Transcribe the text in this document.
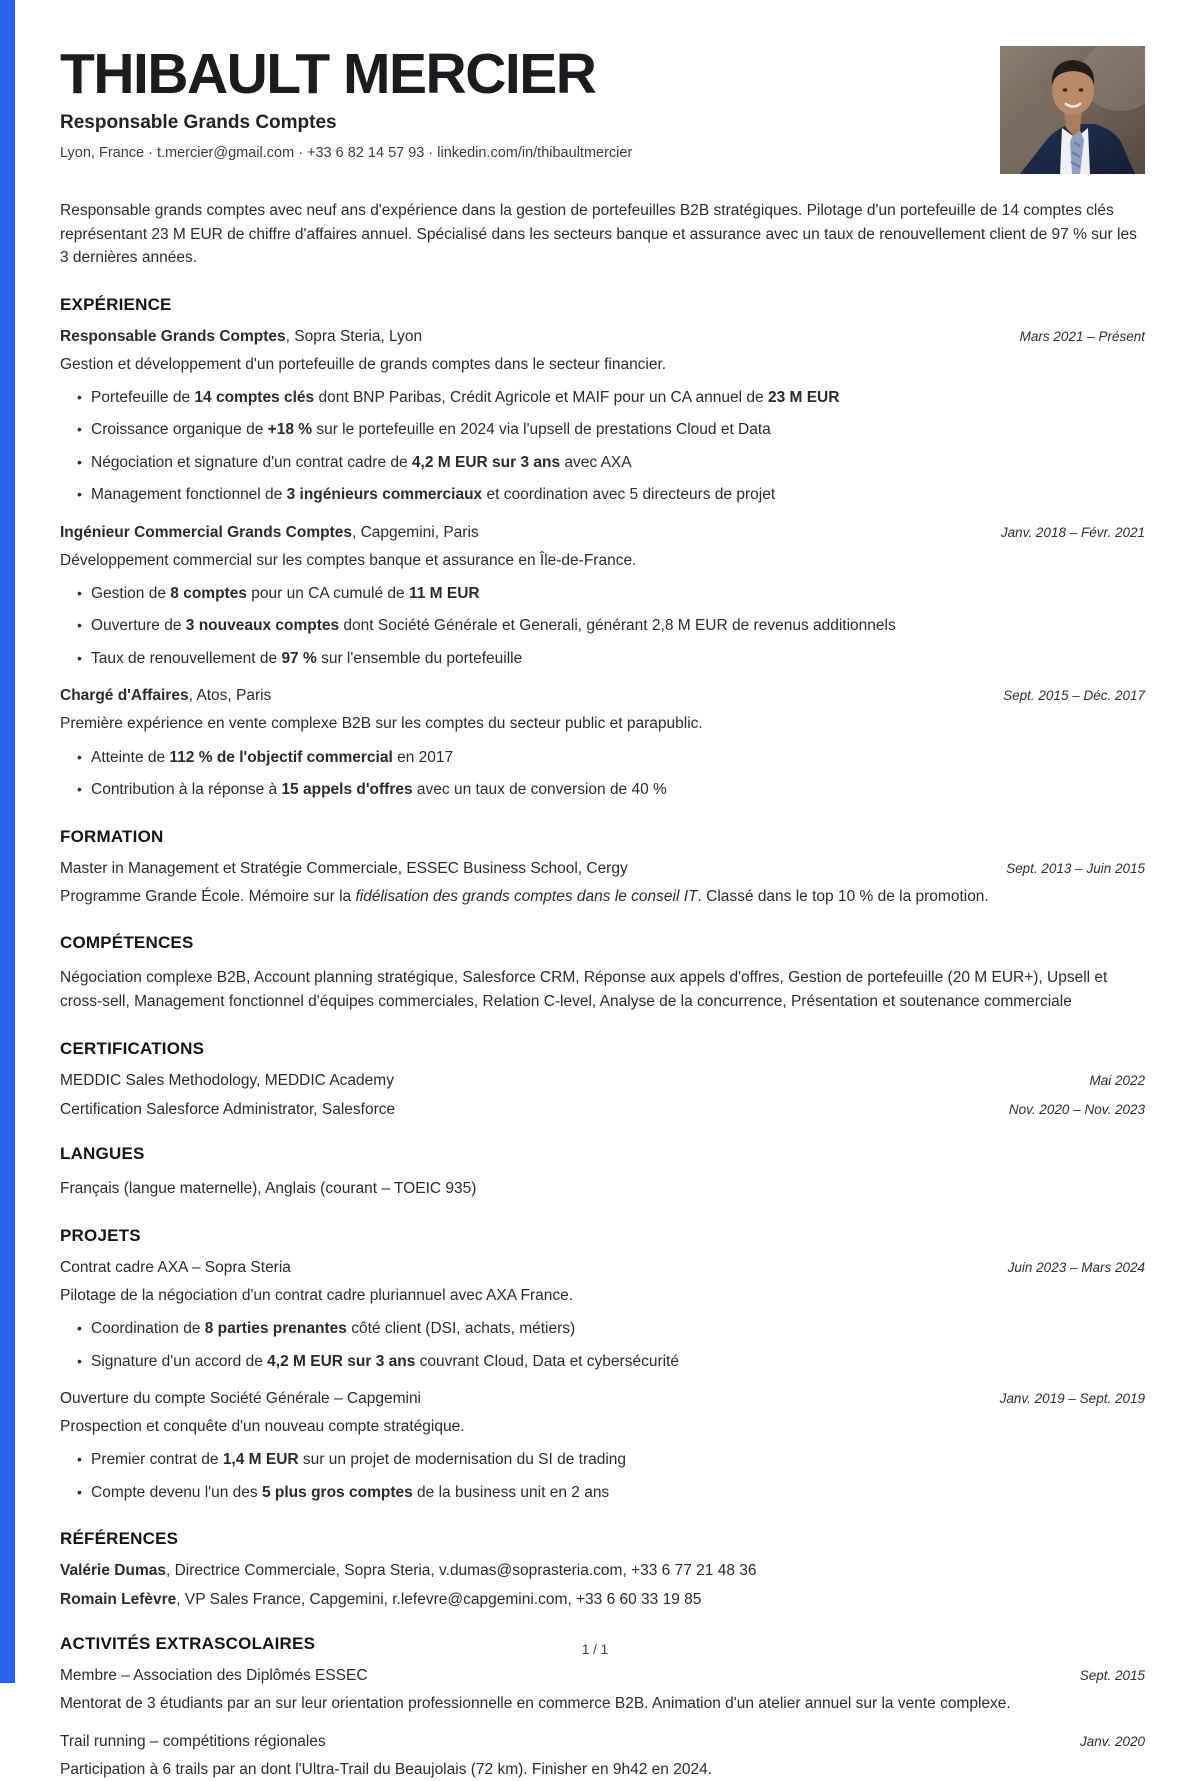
THIBAULT MERCIER
Responsable Grands Comptes
Lyon, France · t.mercier@gmail.com · +33 6 82 14 57 93 · linkedin.com/in/thibaultmercier

Responsable grands comptes avec neuf ans d'expérience dans la gestion de portefeuilles B2B stratégiques. Pilotage d'un portefeuille de 14 comptes clés représentant 23 M EUR de chiffre d'affaires annuel. Spécialisé dans les secteurs banque et assurance avec un taux de renouvellement client de 97 % sur les 3 dernières années.

EXPÉRIENCE
Responsable Grands Comptes, Sopra Steria, Lyon	Mars 2021 – Présent
Gestion et développement d'un portefeuille de grands comptes dans le secteur financier.
• Portefeuille de 14 comptes clés dont BNP Paribas, Crédit Agricole et MAIF pour un CA annuel de 23 M EUR
• Croissance organique de +18 % sur le portefeuille en 2024 via l'upsell de prestations Cloud et Data
• Négociation et signature d'un contrat cadre de 4,2 M EUR sur 3 ans avec AXA
• Management fonctionnel de 3 ingénieurs commerciaux et coordination avec 5 directeurs de projet
Ingénieur Commercial Grands Comptes, Capgemini, Paris	Janv. 2018 – Févr. 2021
Développement commercial sur les comptes banque et assurance en Île-de-France.
• Gestion de 8 comptes pour un CA cumulé de 11 M EUR
• Ouverture de 3 nouveaux comptes dont Société Générale et Generali, générant 2,8 M EUR de revenus additionnels
• Taux de renouvellement de 97 % sur l'ensemble du portefeuille
Chargé d'Affaires, Atos, Paris	Sept. 2015 – Déc. 2017
Première expérience en vente complexe B2B sur les comptes du secteur public et parapublic.
• Atteinte de 112 % de l'objectif commercial en 2017
• Contribution à la réponse à 15 appels d'offres avec un taux de conversion de 40 %
FORMATION
Master in Management et Stratégie Commerciale, ESSEC Business School, Cergy	Sept. 2013 – Juin 2015
Programme Grande École. Mémoire sur la fidélisation des grands comptes dans le conseil IT. Classé dans le top 10 % de la promotion.
COMPÉTENCES

Négociation complexe B2B, Account planning stratégique, Salesforce CRM, Réponse aux appels d'offres, Gestion de portefeuille (20 M EUR+), Upsell et cross-sell, Management fonctionnel d'équipes commerciales, Relation C-level, Analyse de la concurrence, Présentation et soutenance commerciale

CERTIFICATIONS
MEDDIC Sales Methodology, MEDDIC Academy	Mai 2022
Certification Salesforce Administrator, Salesforce	Nov. 2020 – Nov. 2023
LANGUES

Français (langue maternelle), Anglais (courant – TOEIC 935)

PROJETS
Contrat cadre AXA – Sopra Steria	Juin 2023 – Mars 2024
Pilotage de la négociation d'un contrat cadre pluriannuel avec AXA France.
• Coordination de 8 parties prenantes côté client (DSI, achats, métiers)
• Signature d'un accord de 4,2 M EUR sur 3 ans couvrant Cloud, Data et cybersécurité
Ouverture du compte Société Générale – Capgemini	Janv. 2019 – Sept. 2019
Prospection et conquête d'un nouveau compte stratégique.
• Premier contrat de 1,4 M EUR sur un projet de modernisation du SI de trading
• Compte devenu l'un des 5 plus gros comptes de la business unit en 2 ans
RÉFÉRENCES
Valérie Dumas, Directrice Commerciale, Sopra Steria, v.dumas@soprasteria.com, +33 6 77 21 48 36
Romain Lefèvre, VP Sales France, Capgemini, r.lefevre@capgemini.com, +33 6 60 33 19 85
ACTIVITÉS EXTRASCOLAIRES
Membre – Association des Diplômés ESSEC	Sept. 2015
Mentorat de 3 étudiants par an sur leur orientation professionnelle en commerce B2B. Animation d'un atelier annuel sur la vente complexe.
Trail running – compétitions régionales	Janv. 2020
Participation à 6 trails par an dont l'Ultra-Trail du Beaujolais (72 km). Finisher en 9h42 en 2024.
1 / 1
